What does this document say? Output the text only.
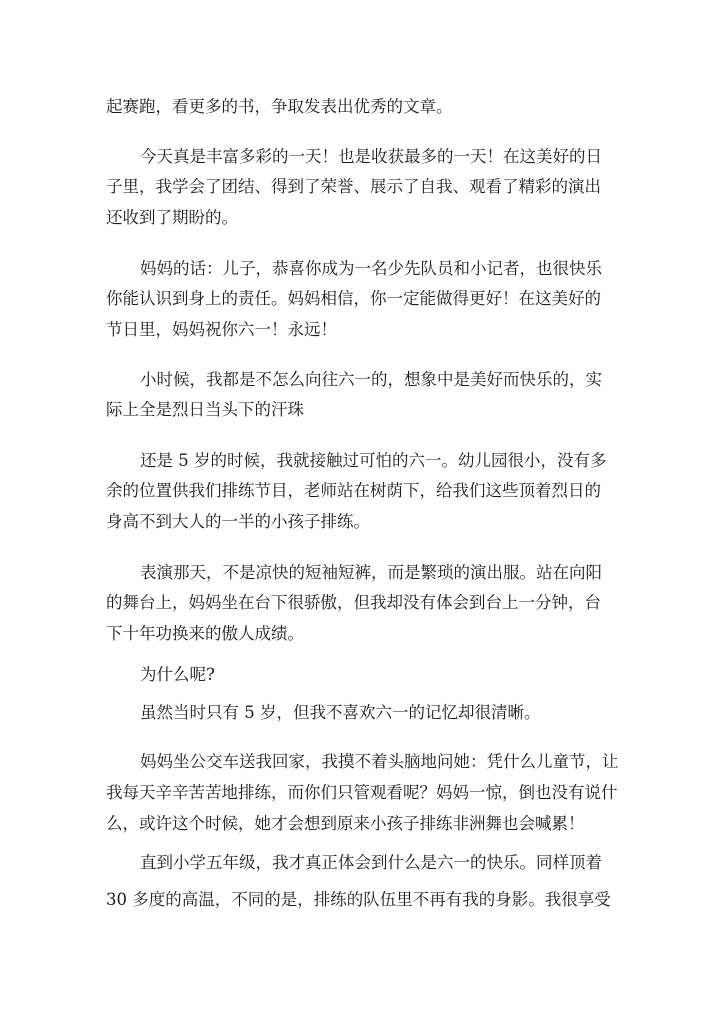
起赛跑，看更多的书，争取发表出优秀的文章。
今天真是丰富多彩的一天！也是收获最多的一天！在这美好的日
子里，我学会了团结、得到了荣誉、展示了自我、观看了精彩的演出
还收到了期盼的。
妈妈的话：儿子，恭喜你成为一名少先队员和小记者，也很快乐
你能认识到身上的责任。妈妈相信，你一定能做得更好！在这美好的
节日里，妈妈祝你六一！永远！
小时候，我都是不怎么向往六一的，想象中是美好而快乐的，实
际上全是烈日当头下的汗珠
还是 5 岁的时候，我就接触过可怕的六一。幼儿园很小，没有多
余的位置供我们排练节目，老师站在树荫下，给我们这些顶着烈日的
身高不到大人的一半的小孩子排练。
表演那天，不是凉快的短袖短裤，而是繁琐的演出服。站在向阳
的舞台上，妈妈坐在台下很骄傲，但我却没有体会到台上一分钟，台
下十年功换来的傲人成绩。
为什么呢?
虽然当时只有 5 岁，但我不喜欢六一的记忆却很清晰。
妈妈坐公交车送我回家，我摸不着头脑地问她：凭什么儿童节，让
我每天辛辛苦苦地排练，而你们只管观看呢？妈妈一惊，倒也没有说什
么，或许这个时候，她才会想到原来小孩子排练非洲舞也会喊累！
直到小学五年级，我才真正体会到什么是六一的快乐。同样顶着
30 多度的高温，不同的是，排练的队伍里不再有我的身影。我很享受
